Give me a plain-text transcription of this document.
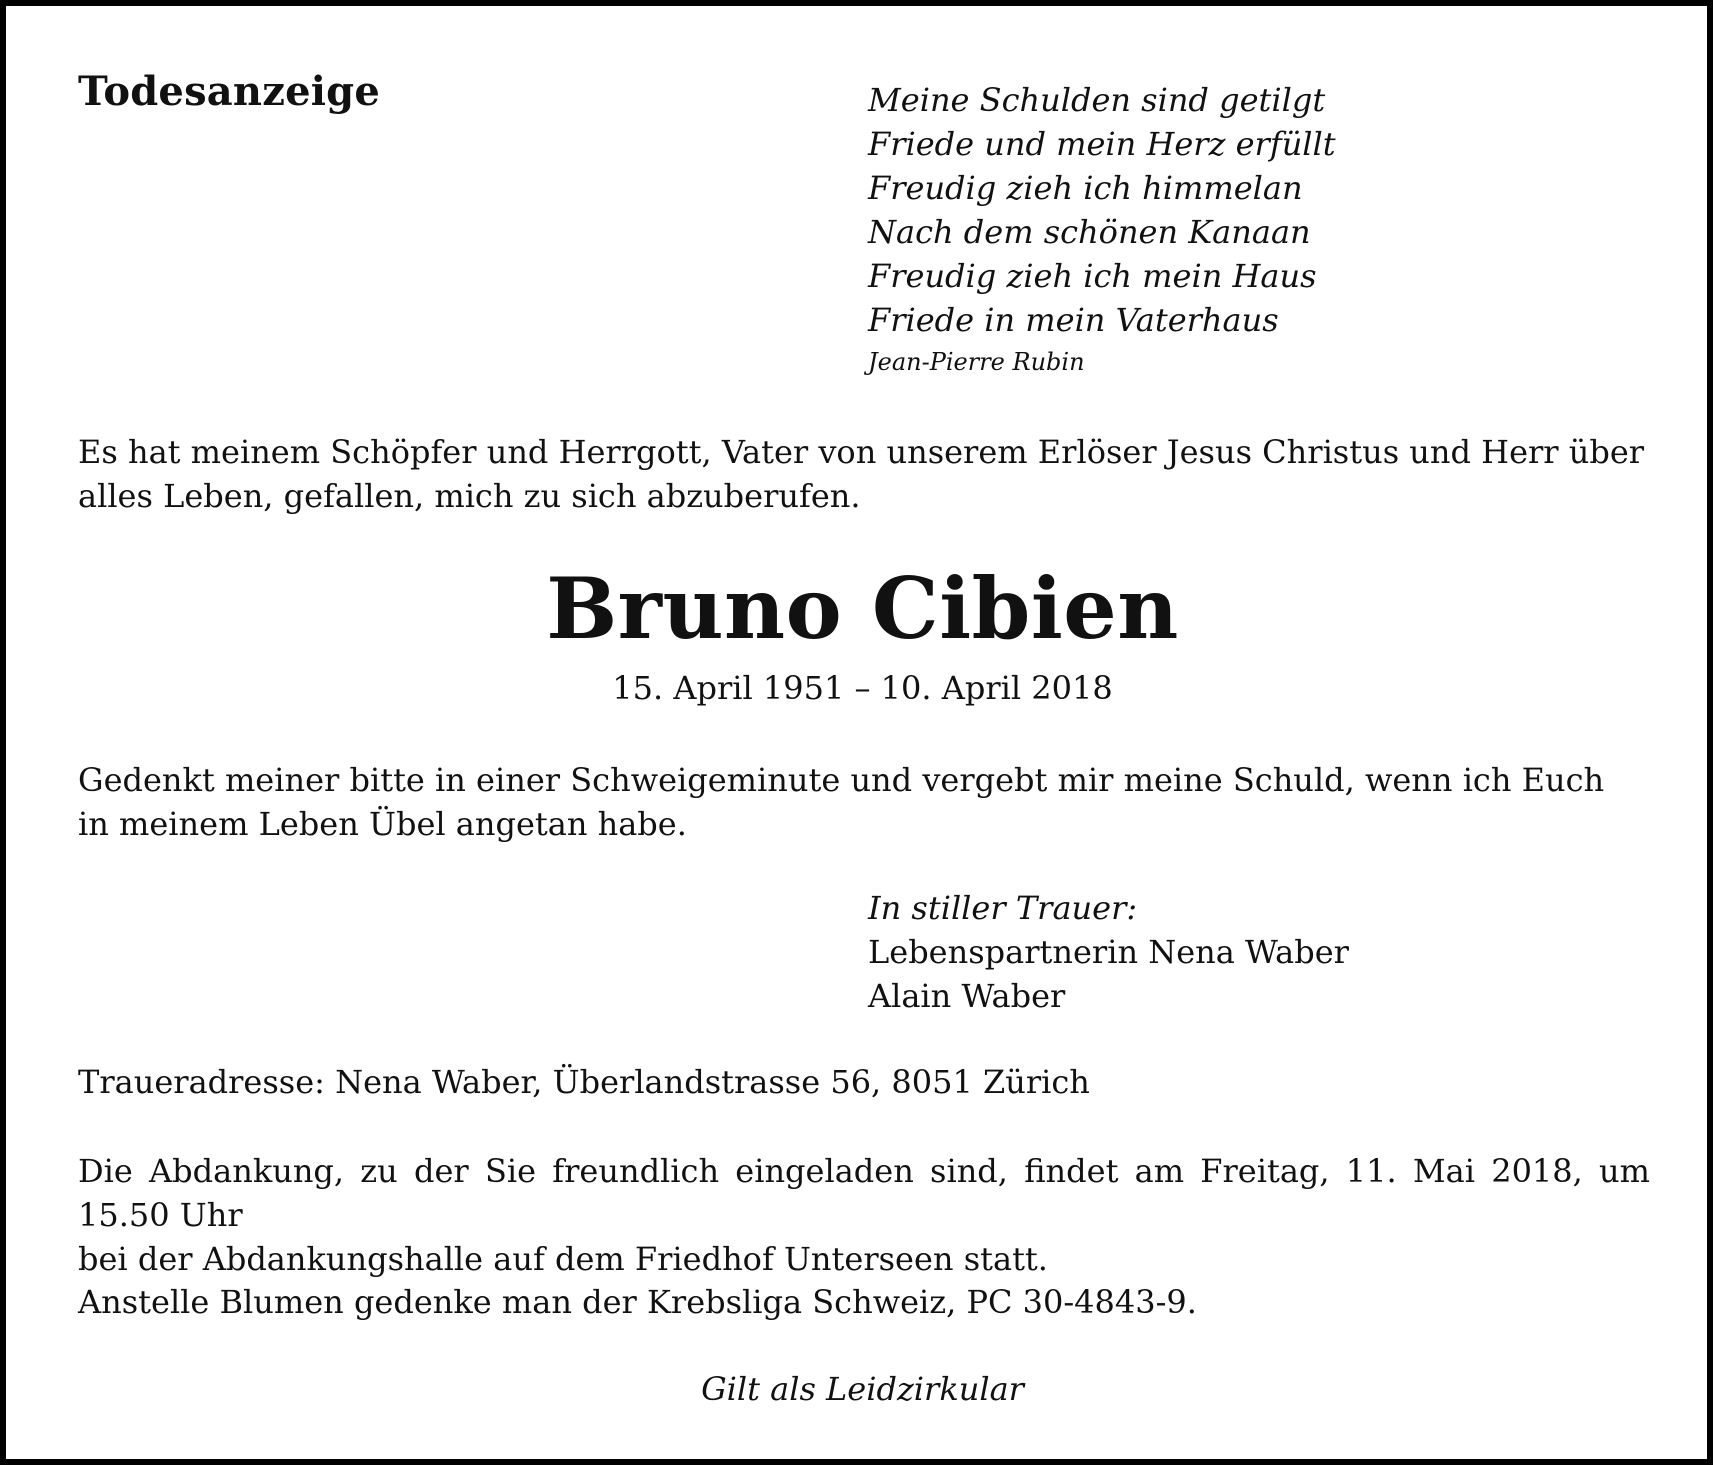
Todesanzeige	Meine Schulden sind getilgt
Friede und mein Herz erfüllt
Freudig zieh ich himmelan
Nach dem schönen Kanaan
Freudig zieh ich mein Haus
Friede in mein Vaterhaus
Jean-Pierre Rubin
Es hat meinem Schöpfer und Herrgott, Vater von unserem Erlöser Jesus Christus und Herr über
alles Leben, gefallen, mich zu sich abzuberufen.
Bruno Cibien
15. April 1951 – 10. April 2018
Gedenkt meiner bitte in einer Schweigeminute und vergebt mir meine Schuld, wenn ich Euch
in meinem Leben Übel angetan habe.
In stiller Trauer:
Lebenspartnerin Nena Waber
Alain Waber
Traueradresse: Nena Waber, Überlandstrasse 56, 8051 Zürich
Die Abdankung, zu der Sie freundlich eingeladen sind, findet am Freitag, 11. Mai 2018, um 15.50 Uhr
bei der Abdankungshalle auf dem Friedhof Unterseen statt.
Anstelle Blumen gedenke man der Krebsliga Schweiz, PC 30-4843-9.
Gilt als Leidzirkular
